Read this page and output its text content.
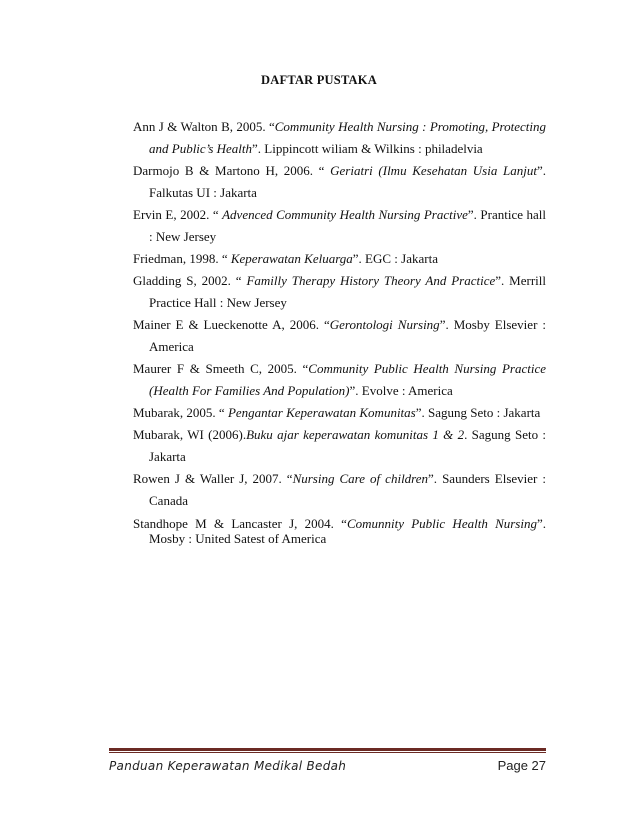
DAFTAR PUSTAKA

Ann J & Walton B, 2005. “Community Health Nursing : Promoting, Protecting and Public’s Health”. Lippincott wiliam & Wilkins : philadelvia

Darmojo B & Martono H, 2006. “ Geriatri (Ilmu Kesehatan Usia Lanjut”. Falkutas UI : Jakarta

Ervin E, 2002. “ Advenced Community Health Nursing Practive”. Prantice hall : New Jersey

Friedman, 1998. “ Keperawatan Keluarga”. EGC : Jakarta

Gladding S, 2002. “ Familly Therapy History Theory And Practice”. Merrill Practice Hall : New Jersey

Mainer E & Lueckenotte A, 2006. “Gerontologi Nursing”. Mosby Elsevier : America

Maurer F & Smeeth C, 2005. “Community Public Health Nursing Practice (Health For Families And Population)”. Evolve : America

Mubarak, 2005. “ Pengantar Keperawatan Komunitas”. Sagung Seto : Jakarta

Mubarak, WI (2006).Buku ajar keperawatan komunitas 1 & 2. Sagung Seto : Jakarta

Rowen J & Waller J, 2007. “Nursing Care of children”. Saunders Elsevier : Canada

Standhope M & Lancaster J, 2004. “Comunnity Public Health Nursing”. Mosby : United Satest of America

Panduan Keperawatan Medikal Bedah	Page 27
